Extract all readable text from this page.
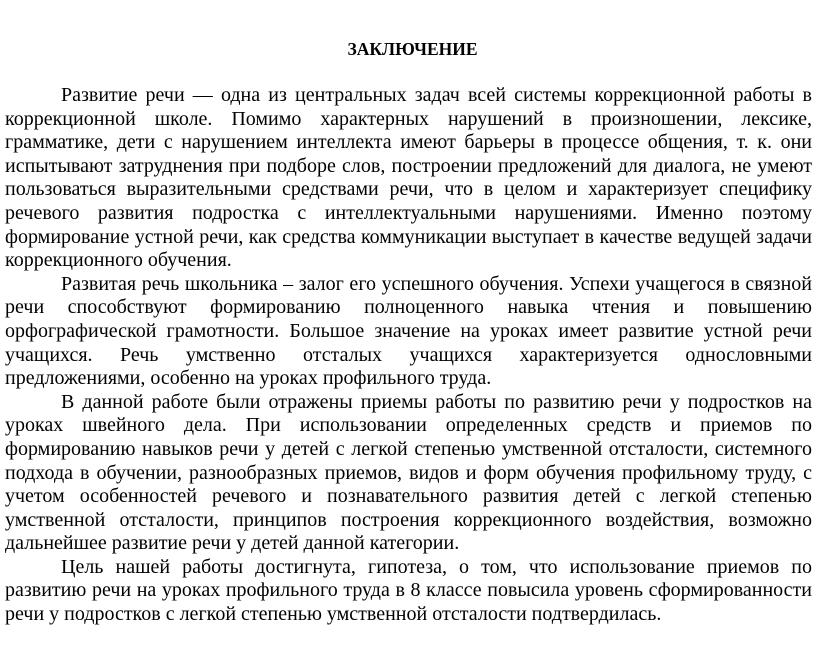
ЗАКЛЮЧЕНИЕ

Развитие речи — одна из центральных задач всей системы коррекционной работы в коррекционной школе. Помимо характерных нарушений в произношении, лексике, грамматике, дети с нарушением интеллекта имеют барьеры в процессе общения, т. к. они испытывают затруднения при подборе слов, построении предложений для диалога, не умеют пользоваться выразительными средствами речи, что в целом и характеризует специфику речевого развития подростка с интеллектуальными нарушениями. Именно поэтому формирование устной речи, как средства коммуникации выступает в качестве ведущей задачи коррекционного обучения.

Развитая речь школьника – залог его успешного обучения. Успехи учащегося в связной речи способствуют формированию полноценного навыка чтения и повышению орфографической грамотности. Большое значение на уроках имеет развитие устной речи учащихся. Речь умственно отсталых учащихся характеризуется однословными предложениями, особенно на уроках профильного труда.

В данной работе были отражены приемы работы по развитию речи у подростков на уроках швейного дела. При использовании определенных средств и приемов по формированию навыков речи у детей с легкой степенью умственной отсталости, системного подхода в обучении, разнообразных приемов, видов и форм обучения профильному труду, с учетом особенностей речевого и познавательного развития детей с легкой степенью умственной отсталости, принципов построения коррекционного воздействия, возможно дальнейшее развитие речи у детей данной категории.

Цель нашей работы достигнута, гипотеза, о том, что использование приемов по развитию речи на уроках профильного труда в 8 классе повысила уровень сформированности речи у подростков с легкой степенью умственной отсталости подтвердилась.
